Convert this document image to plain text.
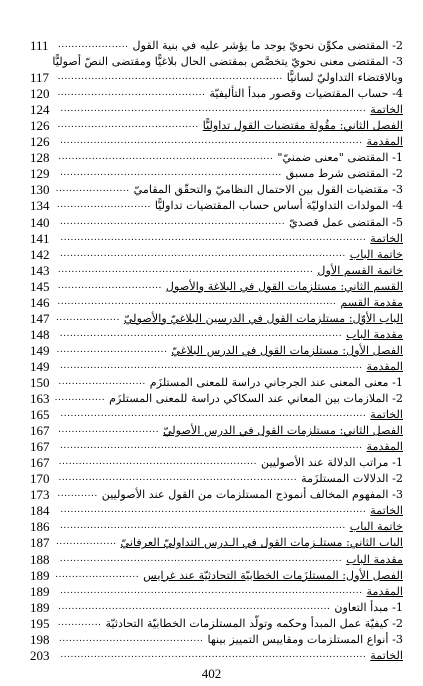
2- المقتضى مكوِّن نحويّ يوجد ما يؤشر عليه في بنية القول
.....................
111
3- المقتضى معنى نحويّ يتخصَّص بمقتضى الحال بلاغيًّا ومقتضى النصّ أصوليًّا
وبالاقتضاء التداوليّ لسانيًّا
...................................................................
117
4- حساب المقتضيات وقصور مبدأ التأليفيّة
............................................
120
الخاتمة
...........................................................................................
124
الفصل الثاني: مقُولة مقتضيات القول تداوليًّا
..........................................
126
المقدمة
..........................................................................................
126
1- المقتضى "معنى ضمنيّ"
................................................................
128
2- المقتضى شرط مسبق
..................................................................
129
3- مقتضيات القول بين الاحتمال النظاميّ والتحقّق المقاميّ
......................
130
4- المولدات التداوليّة أساس حساب المقتضيات تداوليًّا
............................
134
5- المقتضى عمل قصديّ
...................................................................
140
الخاتمة
...........................................................................................
141
خاتمة الباب
.....................................................................................
142
خاتمة القسم الأول
............................................................................
143
القسم الثاني: مستلزمات القول في البلاغة والأصول
...............................
145
مقدمة القسم
...................................................................................
146
الباب الأوّل: مستلزمات القول في الدرسين البلاغيّ والأصوليّ
...................
147
مقدمة الباب
....................................................................................
148
الفصل الأول: مستلزمات القول في الدرس البلاغيّ
.................................
149
المقدمة
..........................................................................................
149
1- معنى المعنى عند الجرجاني دراسة للمعنى المستلزَم
..........................
150
2- الملازمات بين المعاني عند السكاكي دراسة للمعنى المستلزَم
...............
163
الخاتمة
...........................................................................................
165
الفصل الثاني: مستلزمات القول في الدرس الأصوليّ
..............................
167
المقدمة
..........................................................................................
167
1- مراتب الدلالة عند الأصوليين
...........................................................
167
2- الدلالات المستلزَمة
.......................................................................
170
3- المفهوم المخالف أنموذج المستلزمات من القول عند الأصوليين
............
173
الخاتمة
...........................................................................................
184
خاتمة الباب
.....................................................................................
186
الباب الثاني: مستلـزمات القول في الـدرس التداوليّ العرفانيّ
..................
187
مقدمة الباب
....................................................................................
188
الفصل الأول: المستلزَمات الخطابيّة التحادثيّة عند غرايس
.........................
189
المقدمة
..........................................................................................
189
1- مبدأ التعاون
.................................................................................
189
2- كيفيّة عمل المبدأ وحكمه وتولّد المستلزمات الخطابيّة التحادثيّة
.............
195
3- أنواع المستلزمات ومقاييس التمييز بينها
...........................................
198
الخاتمة
...........................................................................................
203
402
